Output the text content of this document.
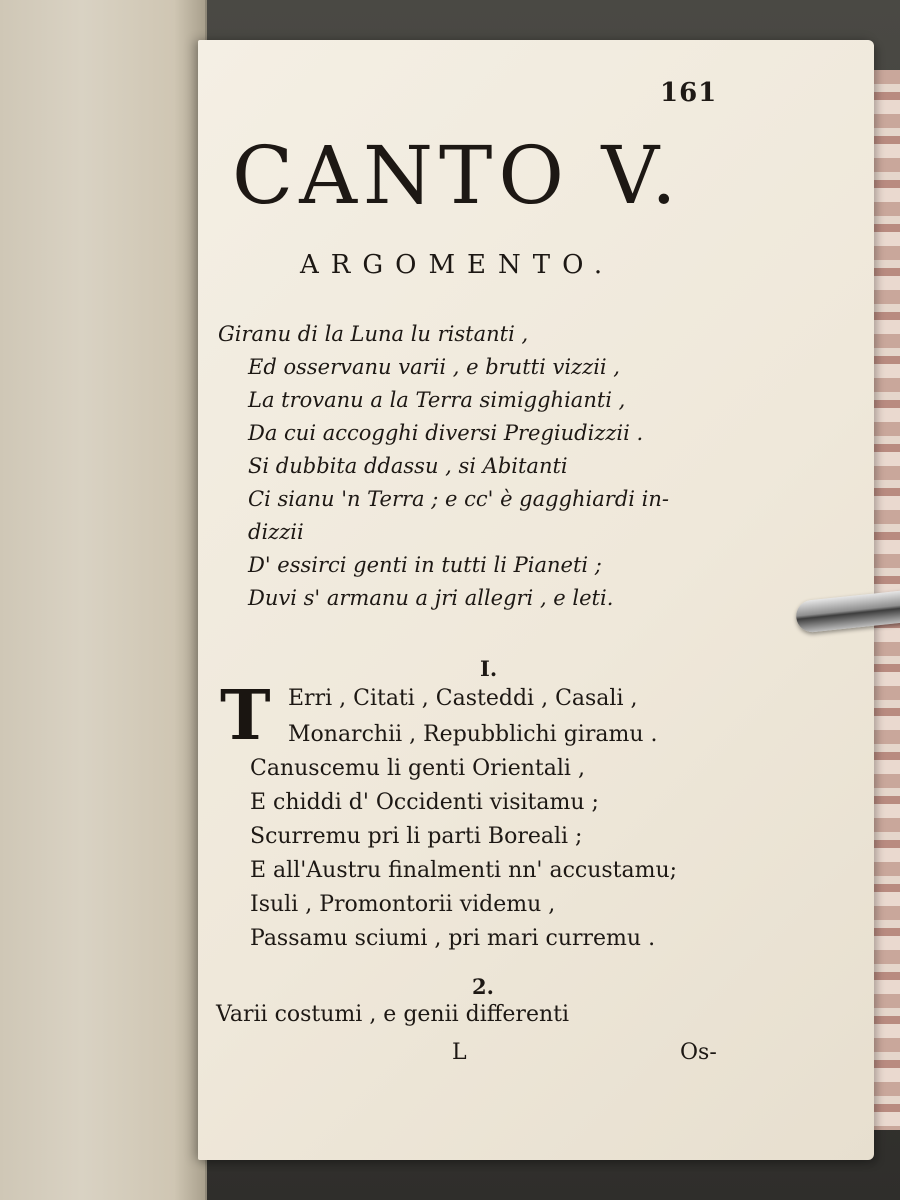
161
CANTO V.
ARGOMENTO.
Giranu di la Luna lu ristanti ,
Ed osservanu varii , e brutti vizzii ,
La trovanu a la Terra simigghianti ,
Da cui accogghi diversi Pregiudizzii .
Si dubbita ddassu , si Abitanti
Ci sianu 'n Terra ; e cc' è gagghiardi in-
dizzii
D' essirci genti in tutti li Pianeti ;
Duvi s' armanu a jri allegri , e leti.
I.
T Erri , Citati , Casteddi , Casali ,
Monarchii , Repubblichi giramu .
Canuscemu li genti Orientali ,
E chiddi d' Occidenti visitamu ;
Scurremu pri li parti Boreali ;
E all'Austru finalmenti nn' accustamu;
Isuli , Promontorii videmu ,
Passamu sciumi , pri mari curremu .
2.
Varii costumi , e genii differenti
L	Os-
